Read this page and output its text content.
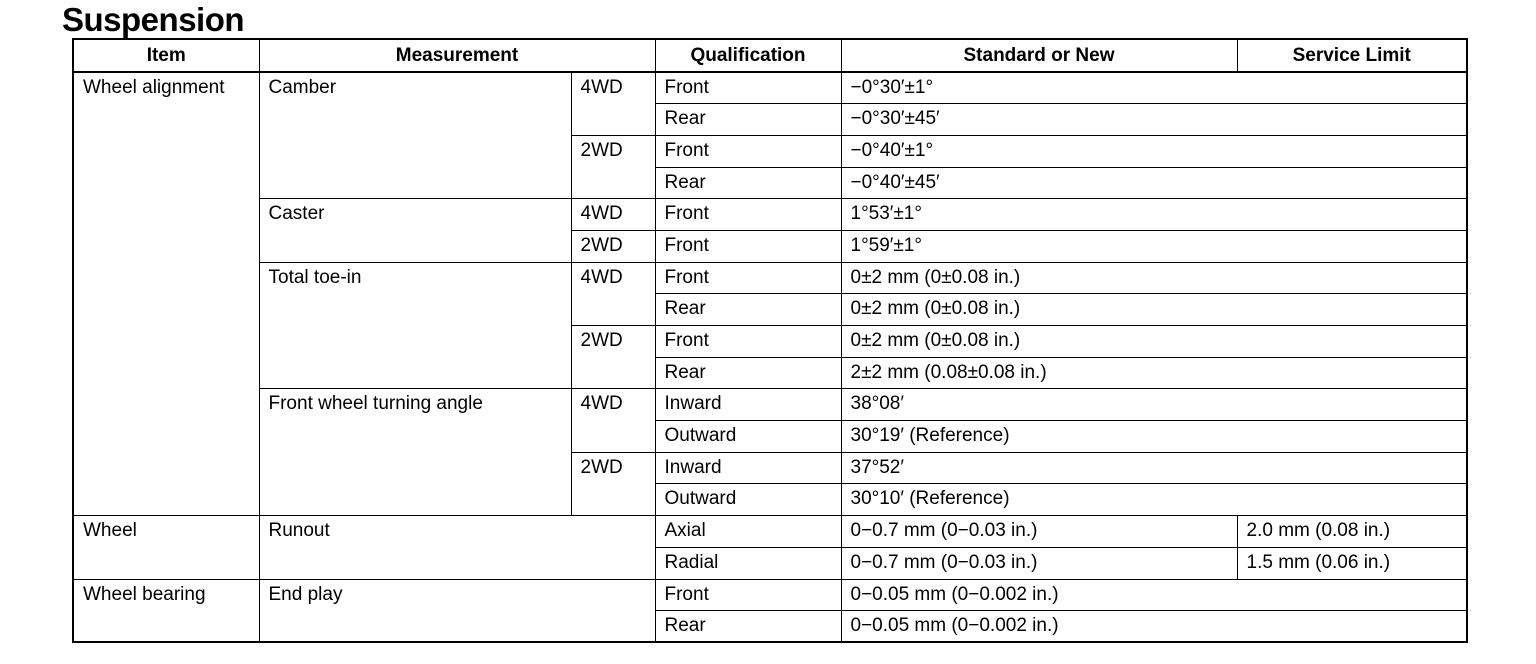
Suspension
Item	Measurement		Qualification	Standard or New	Service Limit
Wheel alignment	Camber	4WD	Front	−0°30′±1°	
			Rear	−0°30′±45′	
		2WD	Front	−0°40′±1°	
			Rear	−0°40′±45′	
	Caster	4WD	Front	1°53′±1°	
		2WD	Front	1°59′±1°	
	Total toe-in	4WD	Front	0±2 mm (0±0.08 in.)	
			Rear	0±2 mm (0±0.08 in.)	
		2WD	Front	0±2 mm (0±0.08 in.)	
			Rear	2±2 mm (0.08±0.08 in.)	
	Front wheel turning angle	4WD	Inward	38°08′	
			Outward	30°19′ (Reference)	
		2WD	Inward	37°52′	
			Outward	30°10′ (Reference)	
Wheel	Runout		Axial	0−0.7 mm (0−0.03 in.)	2.0 mm (0.08 in.)
			Radial	0−0.7 mm (0−0.03 in.)	1.5 mm (0.06 in.)
Wheel bearing	End play		Front	0−0.05 mm (0−0.002 in.)	
			Rear	0−0.05 mm (0−0.002 in.)	
